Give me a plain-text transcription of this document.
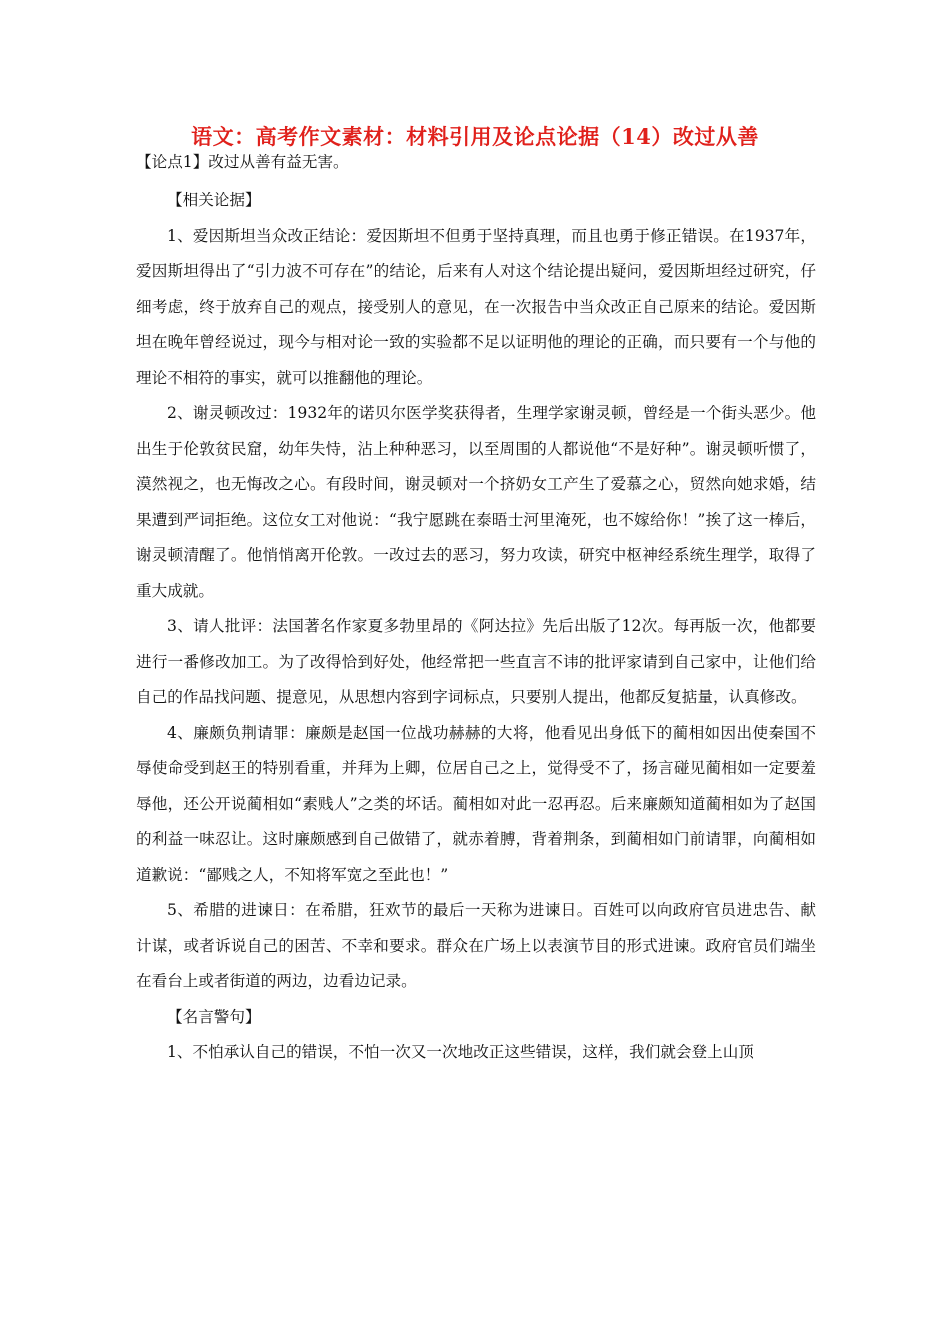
语文：高考作文素材：材料引用及论点论据（14）改过从善

【论点1】改过从善有益无害。

【相关论据】

1、爱因斯坦当众改正结论：爱因斯坦不但勇于坚持真理，而且也勇于修正错误。在1937年，爱因斯坦得出了“引力波不可存在”的结论，后来有人对这个结论提出疑问，爱因斯坦经过研究，仔细考虑，终于放弃自己的观点，接受别人的意见，在一次报告中当众改正自己原来的结论。爱因斯坦在晚年曾经说过，现今与相对论一致的实验都不足以证明他的理论的正确，而只要有一个与他的理论不相符的事实，就可以推翻他的理论。

2、谢灵顿改过：1932年的诺贝尔医学奖获得者，生理学家谢灵顿，曾经是一个街头恶少。他出生于伦敦贫民窟，幼年失恃，沾上种种恶习，以至周围的人都说他“不是好种”。谢灵顿听惯了，漠然视之，也无悔改之心。有段时间，谢灵顿对一个挤奶女工产生了爱慕之心，贸然向她求婚，结果遭到严词拒绝。这位女工对他说：“我宁愿跳在泰晤士河里淹死，也不嫁给你！”挨了这一棒后，谢灵顿清醒了。他悄悄离开伦敦。一改过去的恶习，努力攻读，研究中枢神经系统生理学，取得了重大成就。

3、请人批评：法国著名作家夏多勃里昂的《阿达拉》先后出版了12次。每再版一次，他都要进行一番修改加工。为了改得恰到好处，他经常把一些直言不讳的批评家请到自己家中，让他们给自己的作品找问题、提意见，从思想内容到字词标点，只要别人提出，他都反复掂量，认真修改。

4、廉颇负荆请罪：廉颇是赵国一位战功赫赫的大将，他看见出身低下的蔺相如因出使秦国不辱使命受到赵王的特别看重，并拜为上卿，位居自己之上，觉得受不了，扬言碰见蔺相如一定要羞辱他，还公开说蔺相如“素贱人”之类的坏话。蔺相如对此一忍再忍。后来廉颇知道蔺相如为了赵国的利益一味忍让。这时廉颇感到自己做错了，就赤着膊，背着荆条，到蔺相如门前请罪，向蔺相如道歉说：“鄙贱之人，不知将军宽之至此也！”

5、希腊的进谏日：在希腊，狂欢节的最后一天称为进谏日。百姓可以向政府官员进忠告、献计谋，或者诉说自己的困苦、不幸和要求。群众在广场上以表演节目的形式进谏。政府官员们端坐在看台上或者街道的两边，边看边记录。

【名言警句】

1、不怕承认自己的错误，不怕一次又一次地改正这些错误，这样，我们就会登上山顶
